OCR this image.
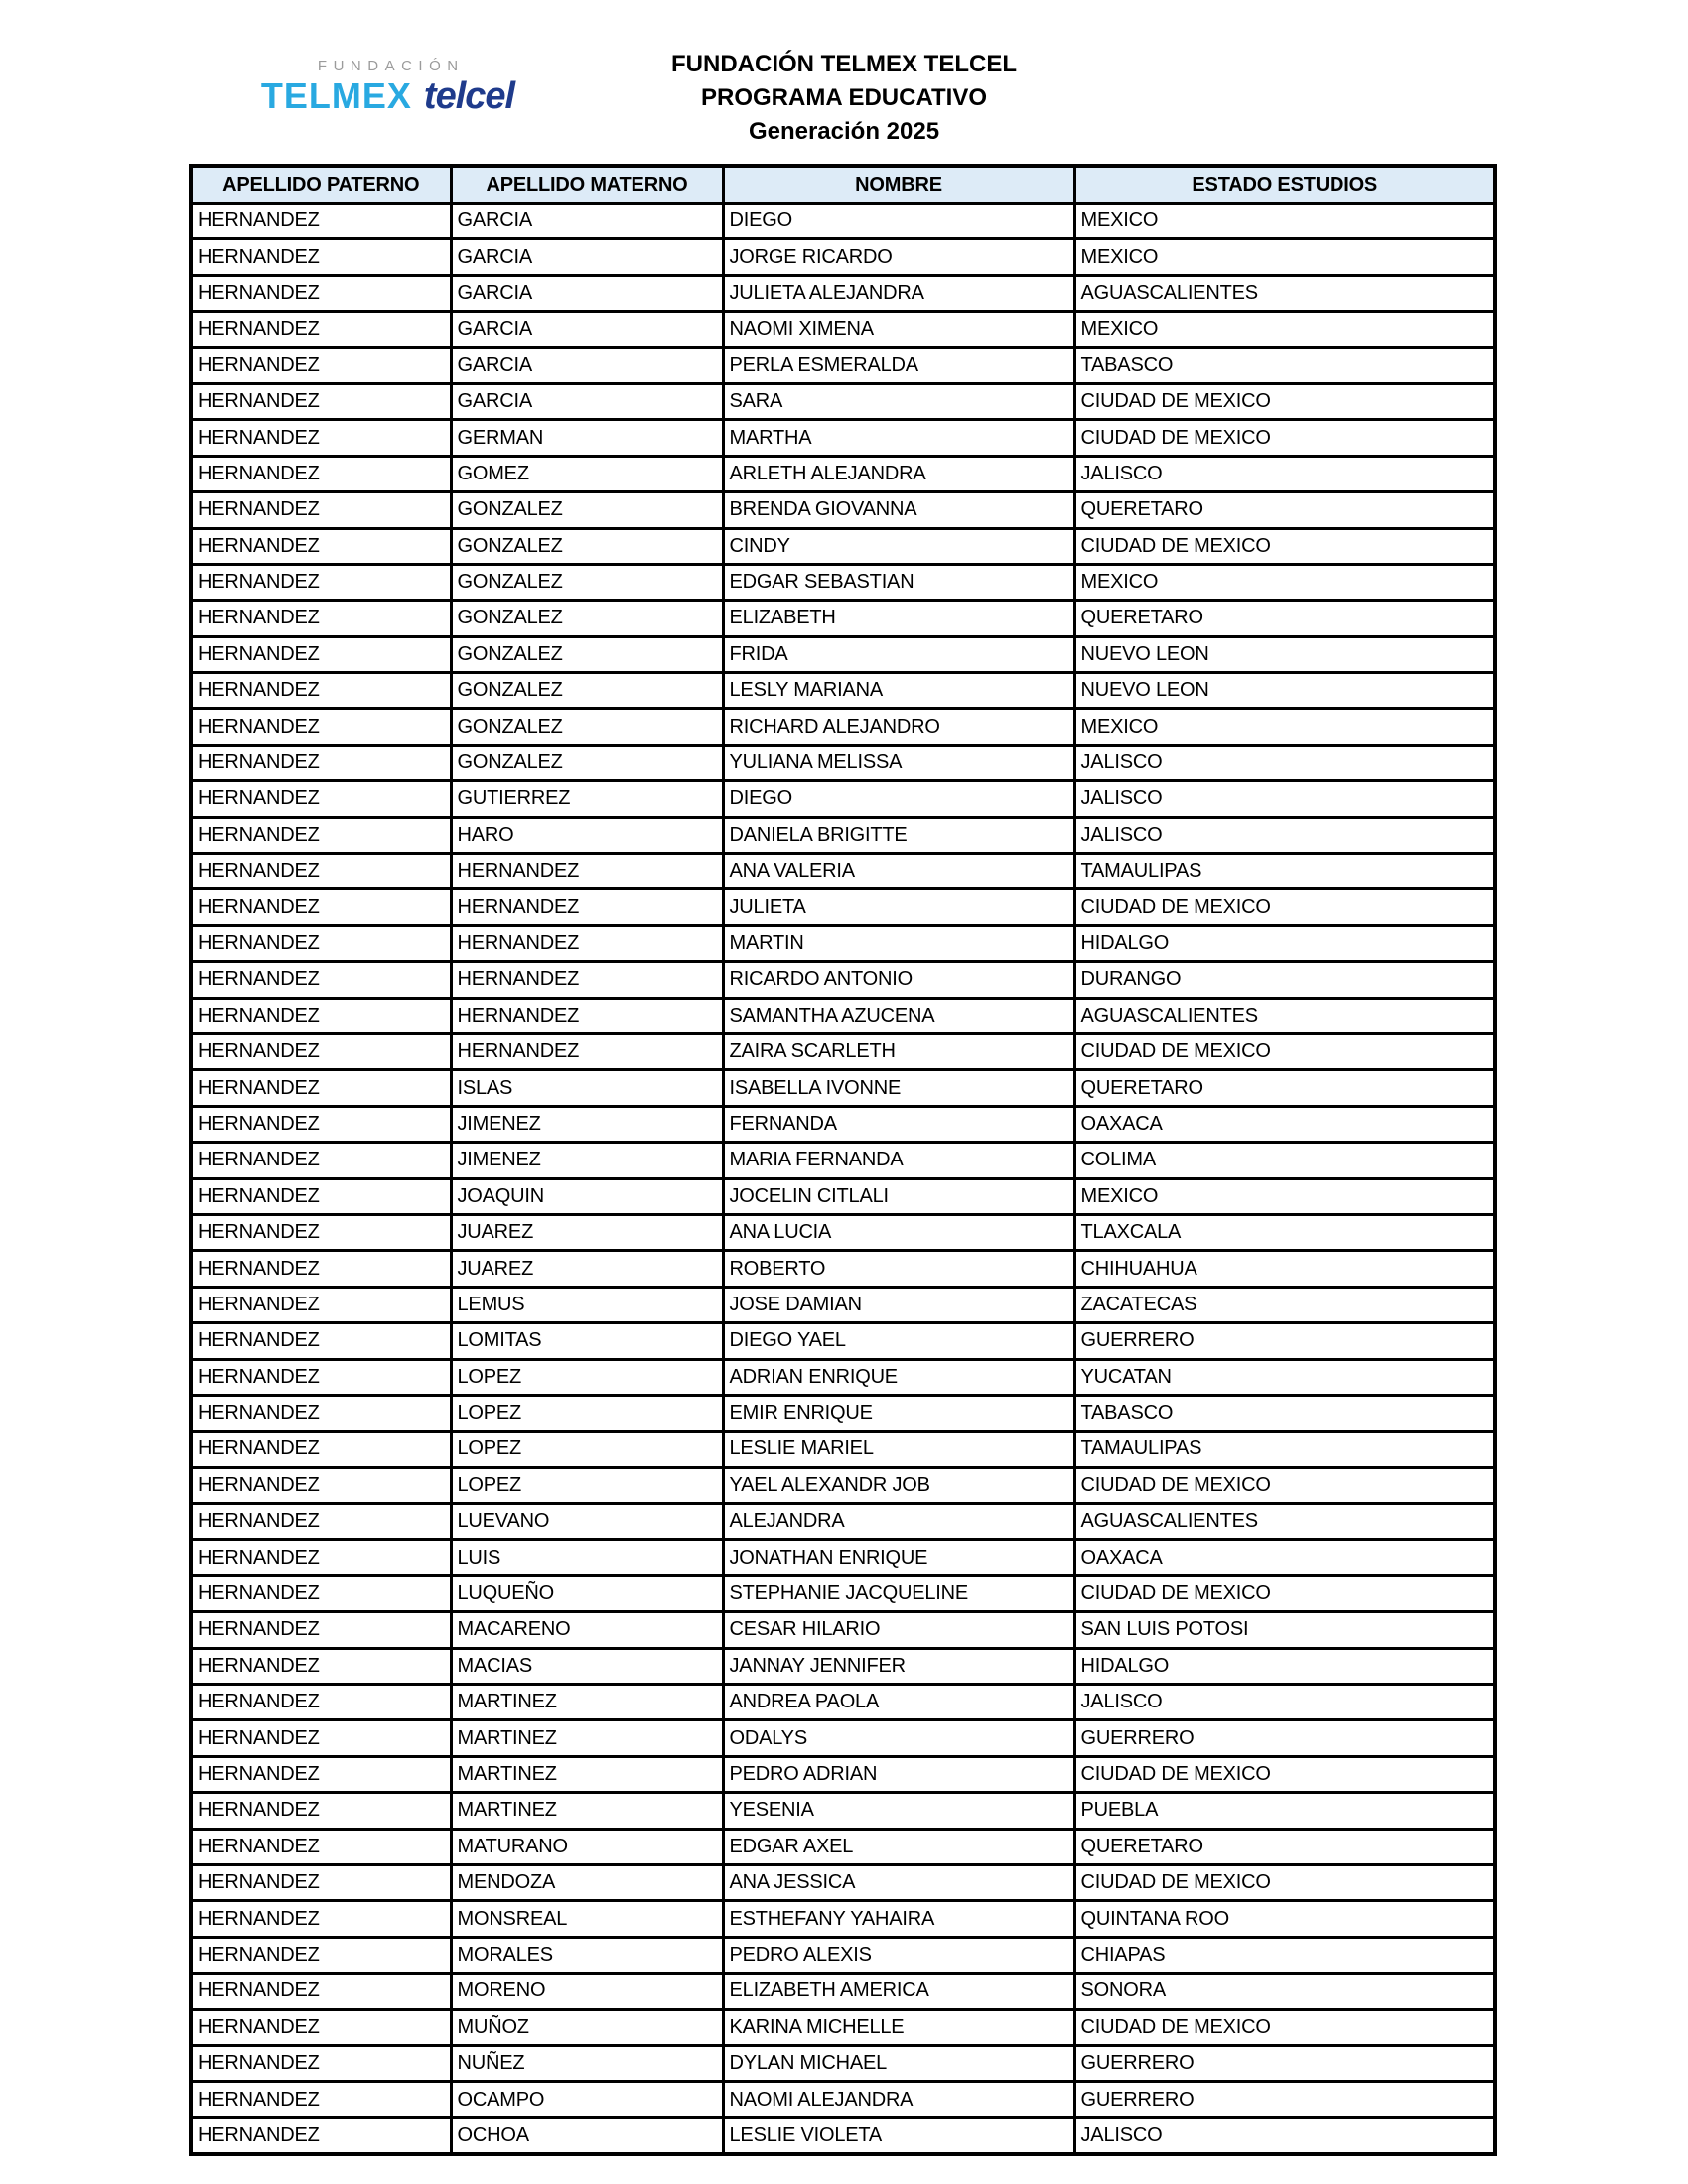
FUNDACIÓN
TELMEX telcel
FUNDACIÓN TELMEX TELCEL
PROGRAMA EDUCATIVO
Generación 2025
APELLIDO PATERNO	APELLIDO MATERNO	NOMBRE	ESTADO ESTUDIOS
HERNANDEZ	GARCIA	DIEGO	MEXICO
HERNANDEZ	GARCIA	JORGE RICARDO	MEXICO
HERNANDEZ	GARCIA	JULIETA ALEJANDRA	AGUASCALIENTES
HERNANDEZ	GARCIA	NAOMI XIMENA	MEXICO
HERNANDEZ	GARCIA	PERLA ESMERALDA	TABASCO
HERNANDEZ	GARCIA	SARA	CIUDAD DE MEXICO
HERNANDEZ	GERMAN	MARTHA	CIUDAD DE MEXICO
HERNANDEZ	GOMEZ	ARLETH ALEJANDRA	JALISCO
HERNANDEZ	GONZALEZ	BRENDA GIOVANNA	QUERETARO
HERNANDEZ	GONZALEZ	CINDY	CIUDAD DE MEXICO
HERNANDEZ	GONZALEZ	EDGAR SEBASTIAN	MEXICO
HERNANDEZ	GONZALEZ	ELIZABETH	QUERETARO
HERNANDEZ	GONZALEZ	FRIDA	NUEVO LEON
HERNANDEZ	GONZALEZ	LESLY MARIANA	NUEVO LEON
HERNANDEZ	GONZALEZ	RICHARD ALEJANDRO	MEXICO
HERNANDEZ	GONZALEZ	YULIANA MELISSA	JALISCO
HERNANDEZ	GUTIERREZ	DIEGO	JALISCO
HERNANDEZ	HARO	DANIELA BRIGITTE	JALISCO
HERNANDEZ	HERNANDEZ	ANA VALERIA	TAMAULIPAS
HERNANDEZ	HERNANDEZ	JULIETA	CIUDAD DE MEXICO
HERNANDEZ	HERNANDEZ	MARTIN	HIDALGO
HERNANDEZ	HERNANDEZ	RICARDO ANTONIO	DURANGO
HERNANDEZ	HERNANDEZ	SAMANTHA AZUCENA	AGUASCALIENTES
HERNANDEZ	HERNANDEZ	ZAIRA SCARLETH	CIUDAD DE MEXICO
HERNANDEZ	ISLAS	ISABELLA IVONNE	QUERETARO
HERNANDEZ	JIMENEZ	FERNANDA	OAXACA
HERNANDEZ	JIMENEZ	MARIA FERNANDA	COLIMA
HERNANDEZ	JOAQUIN	JOCELIN CITLALI	MEXICO
HERNANDEZ	JUAREZ	ANA LUCIA	TLAXCALA
HERNANDEZ	JUAREZ	ROBERTO	CHIHUAHUA
HERNANDEZ	LEMUS	JOSE DAMIAN	ZACATECAS
HERNANDEZ	LOMITAS	DIEGO YAEL	GUERRERO
HERNANDEZ	LOPEZ	ADRIAN ENRIQUE	YUCATAN
HERNANDEZ	LOPEZ	EMIR ENRIQUE	TABASCO
HERNANDEZ	LOPEZ	LESLIE MARIEL	TAMAULIPAS
HERNANDEZ	LOPEZ	YAEL ALEXANDR JOB	CIUDAD DE MEXICO
HERNANDEZ	LUEVANO	ALEJANDRA	AGUASCALIENTES
HERNANDEZ	LUIS	JONATHAN ENRIQUE	OAXACA
HERNANDEZ	LUQUEÑO	STEPHANIE JACQUELINE	CIUDAD DE MEXICO
HERNANDEZ	MACARENO	CESAR HILARIO	SAN LUIS POTOSI
HERNANDEZ	MACIAS	JANNAY JENNIFER	HIDALGO
HERNANDEZ	MARTINEZ	ANDREA PAOLA	JALISCO
HERNANDEZ	MARTINEZ	ODALYS	GUERRERO
HERNANDEZ	MARTINEZ	PEDRO ADRIAN	CIUDAD DE MEXICO
HERNANDEZ	MARTINEZ	YESENIA	PUEBLA
HERNANDEZ	MATURANO	EDGAR AXEL	QUERETARO
HERNANDEZ	MENDOZA	ANA JESSICA	CIUDAD DE MEXICO
HERNANDEZ	MONSREAL	ESTHEFANY YAHAIRA	QUINTANA ROO
HERNANDEZ	MORALES	PEDRO ALEXIS	CHIAPAS
HERNANDEZ	MORENO	ELIZABETH AMERICA	SONORA
HERNANDEZ	MUÑOZ	KARINA MICHELLE	CIUDAD DE MEXICO
HERNANDEZ	NUÑEZ	DYLAN MICHAEL	GUERRERO
HERNANDEZ	OCAMPO	NAOMI ALEJANDRA	GUERRERO
HERNANDEZ	OCHOA	LESLIE VIOLETA	JALISCO
